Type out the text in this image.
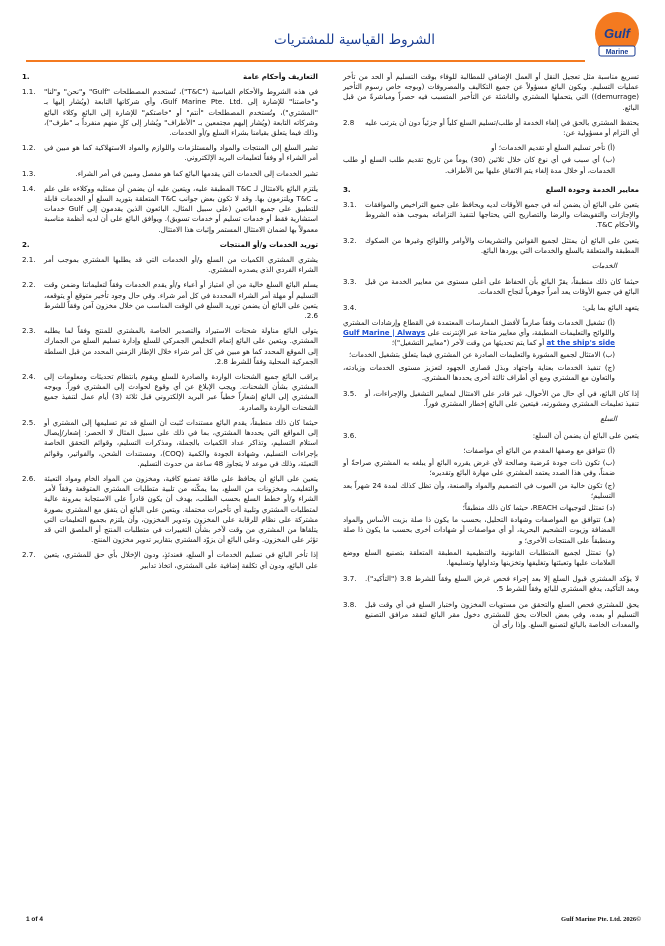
الشروط القياسية للمشتريات	Gulf
Marine
تسريع مناسبة مثل تعجيل النقل أو العمل الإضافي للمطالبة للوفاء بوقت التسليم أو الحد من تأخر عمليات التسليم. ويكون البائع مسؤولاً عن جميع التكاليف والمصروفات (وبوجه خاص رسوم التأخير (demurrage)) التي يتحملها المشتري والناشئة عن التأخير المتسبب فيه حصراً ومباشرةً من قبل البائع.
يحتفظ المشتري بالحق في إلغاء الخدمة أو طلب/تسليم السلع كلياً أو جزئياً دون أن يترتب عليه أي التزام أو مسؤولية عن:
2.8
(أ) تأخر تسليم السلع أو تقديم الخدمات؛ أو
(ب) أي سبب في أي نوع كان خلال ثلاثين (30) يوماً من تاريخ تقديم طلب السلع أو طلب الخدمات، أو خلال مدة إلغاء يتم الاتفاق عليها بين الأطراف.
معايير الخدمة وجودة السلع
3.
يتعين على البائع أن يضمن أنه في جميع الأوقات لديه ويحافظ على جميع التراخيص والموافقات والإجازات والتفويضات والرضا والتصاريح التي يحتاجها لتنفيذ التزاماته بموجب هذه الشروط والأحكام T&C.
3.1.
يتعين على البائع أن يمتثل لجميع القوانين والتشريعات والأوامر واللوائح وغيرها من الصكوك المطبقة والمتعلقة بالسلع والخدمات التي يوردها البائع.
3.2.
الخدمات
حيثما كان ذلك منطبقاً، يقرّ البائع بأن الحفاظ على أعلى مستوى من معايير الخدمة من قبل البائع في جميع الأوقات يعد أمراً جوهرياً لنجاح الخدمات.
3.3.
يتعهد البائع بما يلي:
3.4.
(أ) تشغيل الخدمات وفقاً صارماً لأفضل الممارسات المعتمدة في القطاع وإرشادات المشتري واللوائح والتعليمات المطبقة، وأي معايير متاحة عبر الإنترنت على Gulf Marine | Always at the ship's side أو كما يتم تحديثها من وقت لآخر ("معايير التشغيل")؛
(ب) الامتثال لجميع المشورة والتعليمات الصادرة عن المشتري فيما يتعلق بتشغيل الخدمات؛
(ج) تنفيذ الخدمات بعناية واجتهاد وبذل قصارى الجهود لتعزيز مستوى الخدمات وزيادته، والتعاون مع المشتري ومع أي أطراف ثالثة أخرى يحددها المشتري.
إذا كان البائع، في أي حال من الأحوال، غير قادر على الامتثال لمعايير التشغيل والإجراءات، أو تنفيذ تعليمات المشتري ومشورته، فيتعين على البائع إخطار المشتري فوراً.
3.5.
السلع
يتعين على البائع أن يضمن أن السلع:
3.6.
(أ) تتوافق مع وصفها المقدم من البائع أي مواصفات؛
(ب) تكون ذات جودة مُرضية وصالحة لأي غرض يقرره البائع أو يبلغه به المشتري صراحةً أو ضمناً، وفي هذا الصدد يعتمد المشتري على مهارة البائع وتقديره؛
(ج) تكون خالية من العيوب في التصميم والمواد والصنعة، وأن تظل كذلك لمدة 24 شهراً بعد التسليم؛
(د) تمتثل لتوجيهات REACH، حيثما كان ذلك منطبقاً؛
(هـ) تتوافق مع المواصفات وشهادة التحليل، بحسب ما يكون ذا صلة بزيت الأساس والمواد المضافة وزيوت التشحيم البحرية، أو أي مواصفات أو شهادات أخرى بحسب ما يكون ذا صلة ومنطبقاً على المنتجات الأخرى؛ و
(و) تمتثل لجميع المتطلبات القانونية والتنظيمية المطبقة المتعلقة بتصنيع السلع ووضع العلامات عليها وتعبئتها وتغليفها وتخزينها وتداولها وتسليمها.
لا يؤكد المشتري قبول السلع إلا بعد إجراء فحص غرض السلع وفقاً للشرط 3.8 ("التأكيد"). وبعد التأكيد، يدفع المشتري للبائع وفقاً للشرط 5.
3.7.
يحق للمشتري فحص السلع والتحقق من مستويات المخزون واختبار السلع في أي وقت قبل التسليم أو بعده، وفي بعض الحالات يحق للمشتري دخول مقر البائع لتفقد مرافق التصنيع والمعدات الخاصة بالبائع لتصنيع السلع. وإذا رأى أن
3.8.
التعاريف وأحكام عامة
1.
في هذه الشروط والأحكام القياسية ("T&C")، تُستخدم المصطلحات "Gulf" و"نحن" و"لنا" و"خاصتنا" للإشارة إلى .Gulf Marine Pte. Ltd، وأي شركاتها التابعة (ويُشار إليها بـ "المشتري")، وتُستخدم المصطلحات "أنتم" أو "خاصتكم" للإشارة إلى البائع وكلاء البائع وشركاته التابعة (ويُشار إليهم مجتمعين بـ "الأطراف" ويُشار إلى كلٍ منهم منفرداً بـ "طرف")، وذلك فيما يتعلق بقيامنا بشراء السلع و/أو الخدمات.
1.1.
تشير السلع إلى المنتجات والمواد والمستلزمات واللوازم والمواد الاستهلاكية كما هو مبين في أمر الشراء أو وفقاً لتعليمات البريد الإلكتروني.
1.2.
تشير الخدمات إلى الخدمات التي يقدمها البائع كما هو مفصل ومبين في أمر الشراء.
1.3.
يلتزم البائع بالامتثال لـ T&C المطبقة عليه، ويتعين عليه أن يضمن أن ممثليه ووكلاءه على علم بـ T&C ويلتزمون بها. وقد لا تكون بعض جوانب T&C المتعلقة بتوريد السلع أو الخدمات قابلة للتطبيق على جميع البائعين (على سبيل المثال، البائعون الذين يقدمون إلى Gulf خدمات استشارية فقط أو خدمات تسليم أو خدمات تسويق). ويوافق البائع على أن لديه أنظمة مناسبة معمولاً بها لضمان الامتثال المستمر وإثبات هذا الامتثال.
1.4.
توريد الخدمات و/أو المنتجات
2.
يشتري المشتري الكميات من السلع و/أو الخدمات التي قد يطلبها المشتري بموجب أمر الشراء الفردي الذي يصدره المشتري.
2.1.
يسلم البائع السلع خالية من أي امتياز أو أعباء و/أو يقدم الخدمات وفقاً لتعليماتنا وضمن وقت التسليم أو مهلة أمر الشراء المحددة في كل أمر شراء. وفي حال وجود تأخير متوقع أو يتوقعه، يتعين على البائع أن يضمن توريد السلع في الوقت المناسب من خلال مخزون آمن وفقاً للشرط 2.6.
2.2.
يتولى البائع مناولة شحنات الاستيراد والتصدير الخاصة بالمشتري للمنتج وفقاً لما يطلبه المشتري. ويتعين على البائع إتمام التخليص الجمركي للسلع وإدارة تسليم السلع من الجمارك إلى الموقع المحدد كما هو مبين في كل أمر شراء خلال الإطار الزمني المحدد من قبل السلطة الجمركية المحلية وفقاً للشرط 2.8.
2.3.
يراقب البائع جميع الشحنات الواردة والصادرة للسلع ويقوم بانتظام تحديثات ومعلومات إلى المشتري بشأن الشحنات. ويجب الإبلاغ عن أي وقوع لحوادث إلى المشتري فوراً. ويوجه المشتري إلى البائع إشعاراً خطياً عبر البريد الإلكتروني قبل ثلاثة (3) أيام عمل لتنفيذ جميع الشحنات الواردة والصادرة.
2.4.
حيثما كان ذلك منطبقاً، يقدم البائع مستندات تُثبت أن السلع قد تم تسليمها إلى المشتري أو إلى المواقع التي يحددها المشتري، بما في ذلك على سبيل المثال لا الحصر: إشعار/إيصال استلام التسليم، وتذاكر عداد الكميات بالجملة، ومذكرات التسليم، وقوائم التحقق الخاصة بإجراءات التسليم، وشهادة الجودة والكمية (COQ)، ومستندات الشحن، والفواتير، وقوائم التعبئة، وذلك في موعد لا يتجاوز 48 ساعة من حدوث التسليم.
2.5.
يتعين على البائع أن يحافظ على طاقة تصنيع كافية، ومخزون من المواد الخام ومواد التعبئة والتغليف، ومخزونات من السلع، بما يمكّنه من تلبية متطلبات المشتري المتوقعة وفقاً لأمر الشراء و/أو خطط السلع بحسب الطلب، بهدف أن يكون قادراً على الاستجابة بمرونة عالية لمتطلبات المشتري وتلبية أي تأخيرات محتملة. ويتعين على البائع أن يتفق مع المشتري بصورة مشتركة على نظام للرقابة على المخزون وتدوير المخزون، وأن يلتزم بجميع التعليمات التي يتلقاها من المشتري من وقت لآخر بشأن التغييرات في متطلبات المنتج أو الملصق التي قد تؤثر على المخزون. وعلى البائع أن يزوّد المشتري بتقارير تدوير مخزون المنتج.
2.6.
إذا تأخر البائع في تسليم الخدمات أو السلع، فعندئذٍ، ودون الإخلال بأي حق للمشتري، يتعين على البائع، ودون أي تكلفة إضافية على المشتري، اتخاذ تدابير
2.7.
1 of 4	Gulf Marine Pte. Ltd. 2026©
